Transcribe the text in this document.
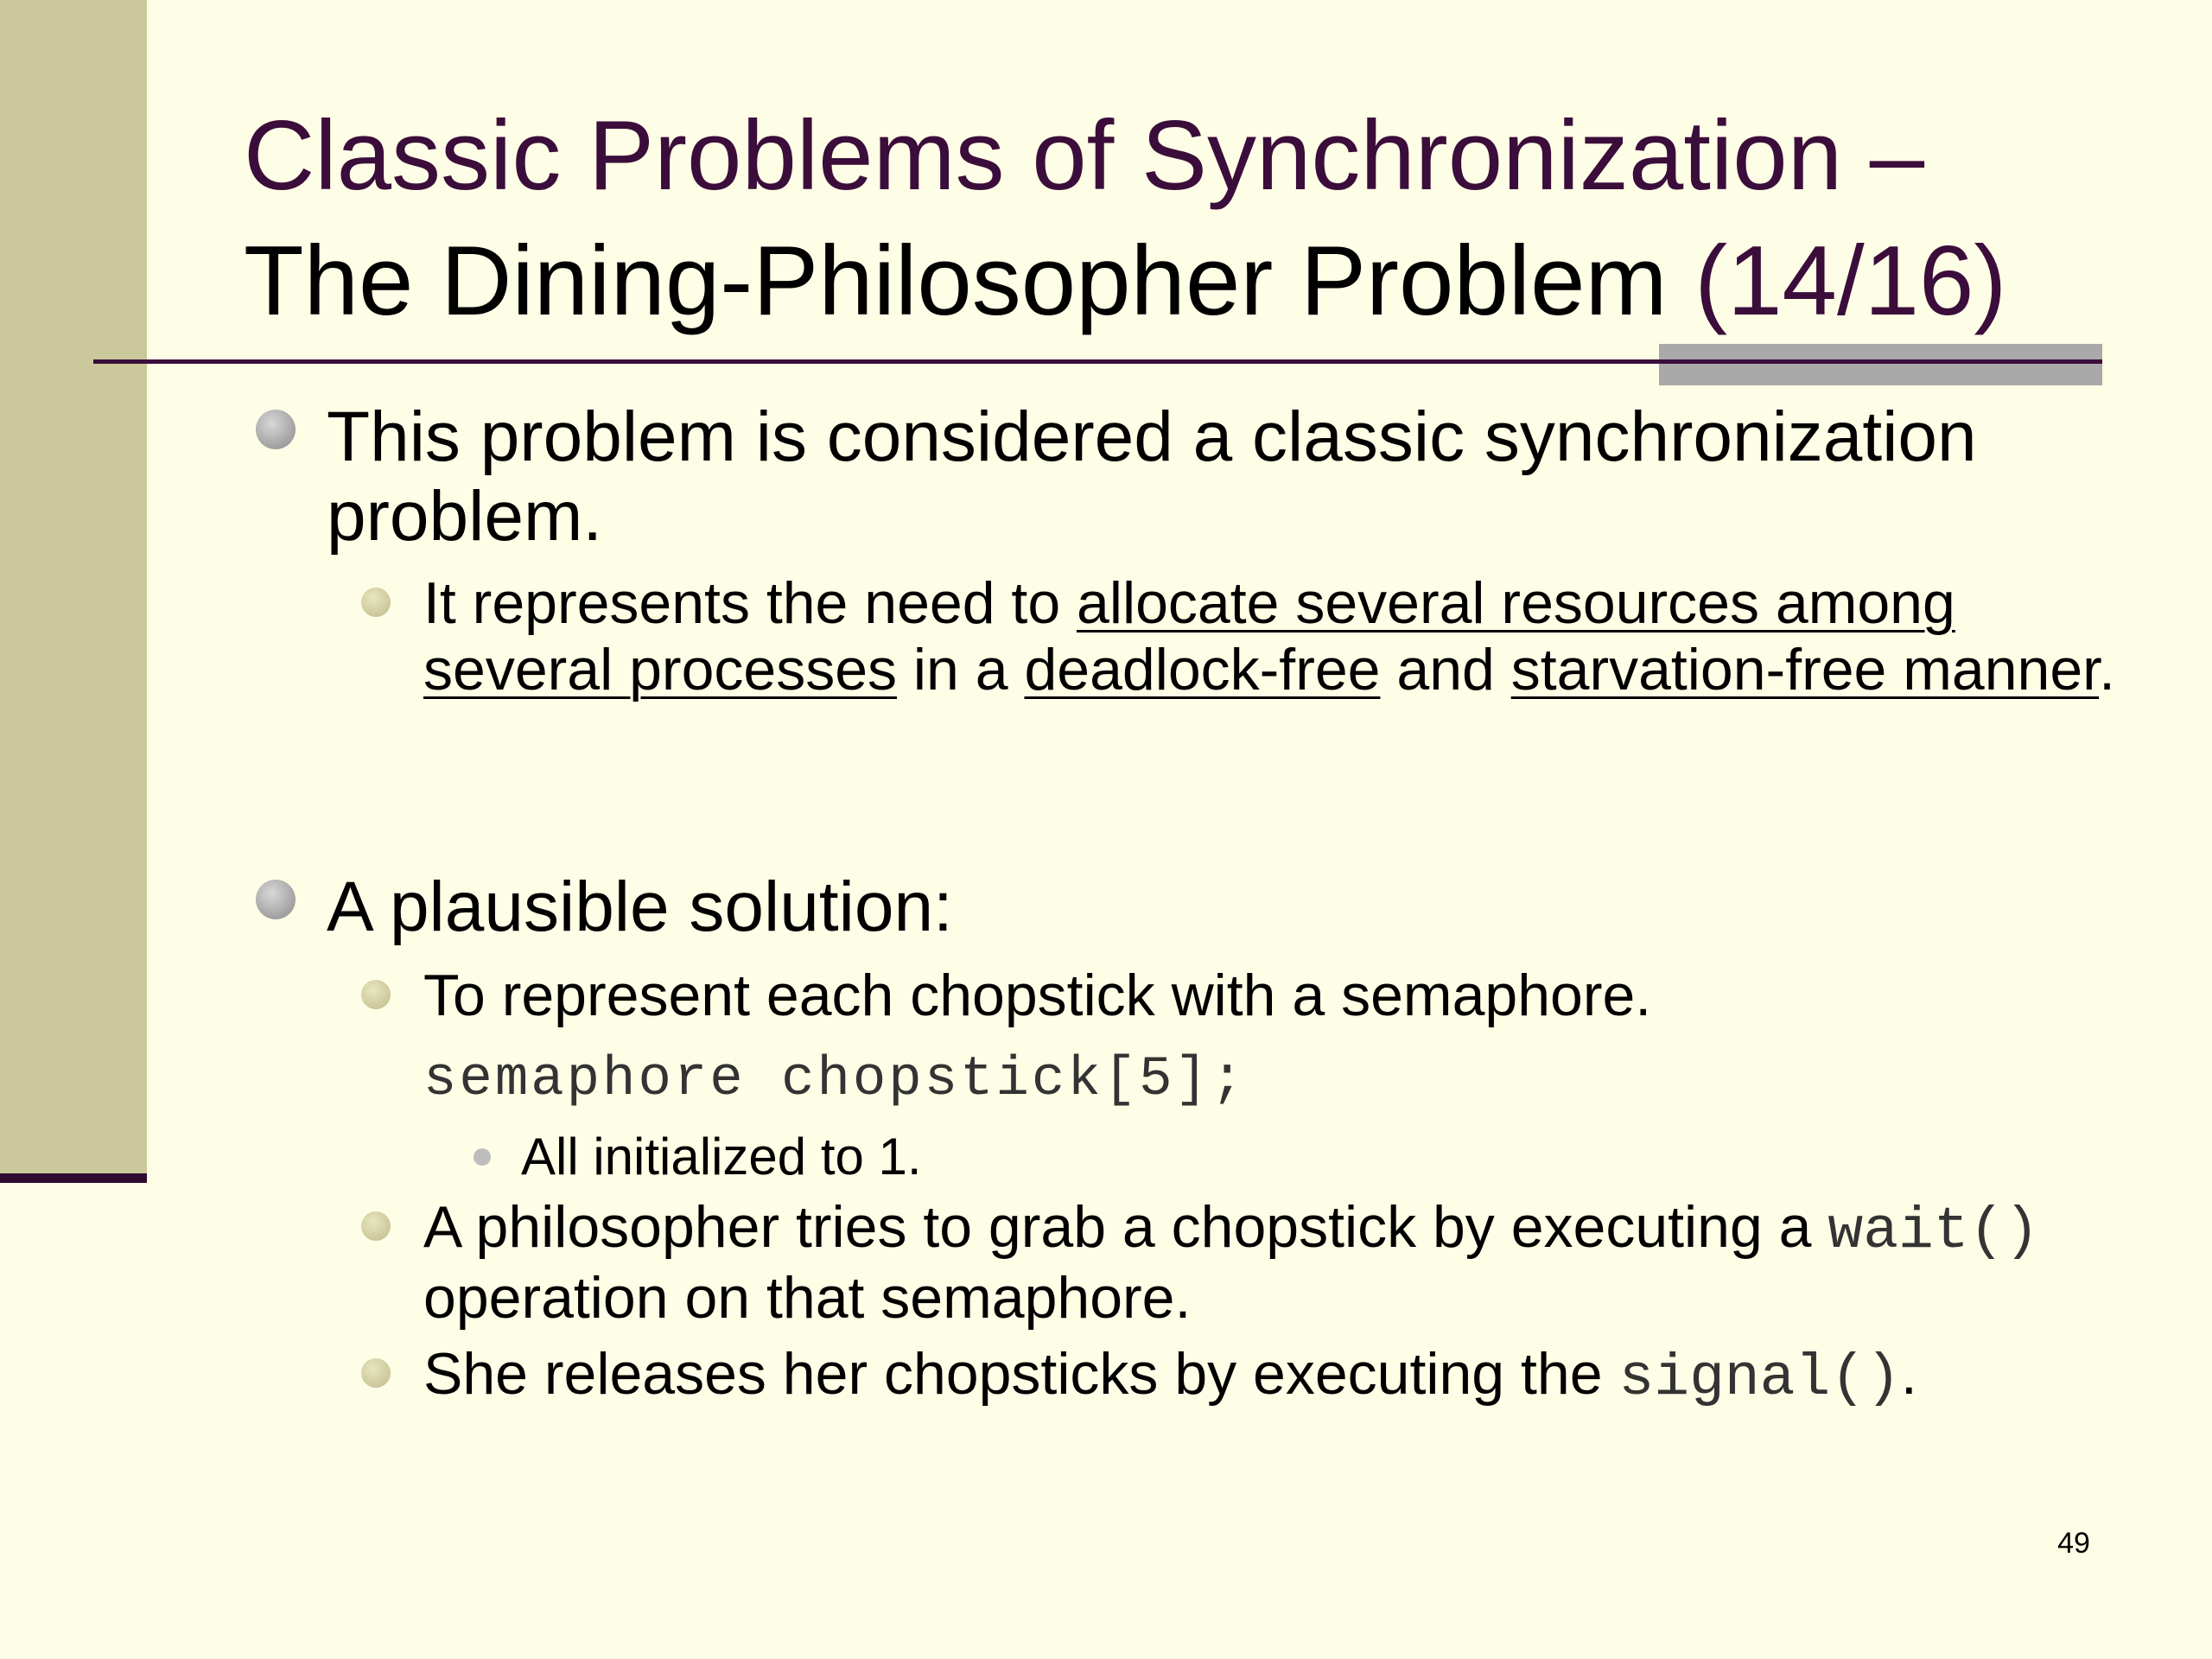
Classic Problems of Synchronization –
The Dining-Philosopher Problem (14/16)
This problem is considered a classic synchronization problem.
It represents the need to allocate several resources among several processes in a deadlock-free and starvation-free manner.
A plausible solution:
To represent each chopstick with a semaphore.
semaphore chopstick[5];
All initialized to 1.
A philosopher tries to grab a chopstick by executing a wait() operation on that semaphore.
She releases her chopsticks by executing the signal().
49
